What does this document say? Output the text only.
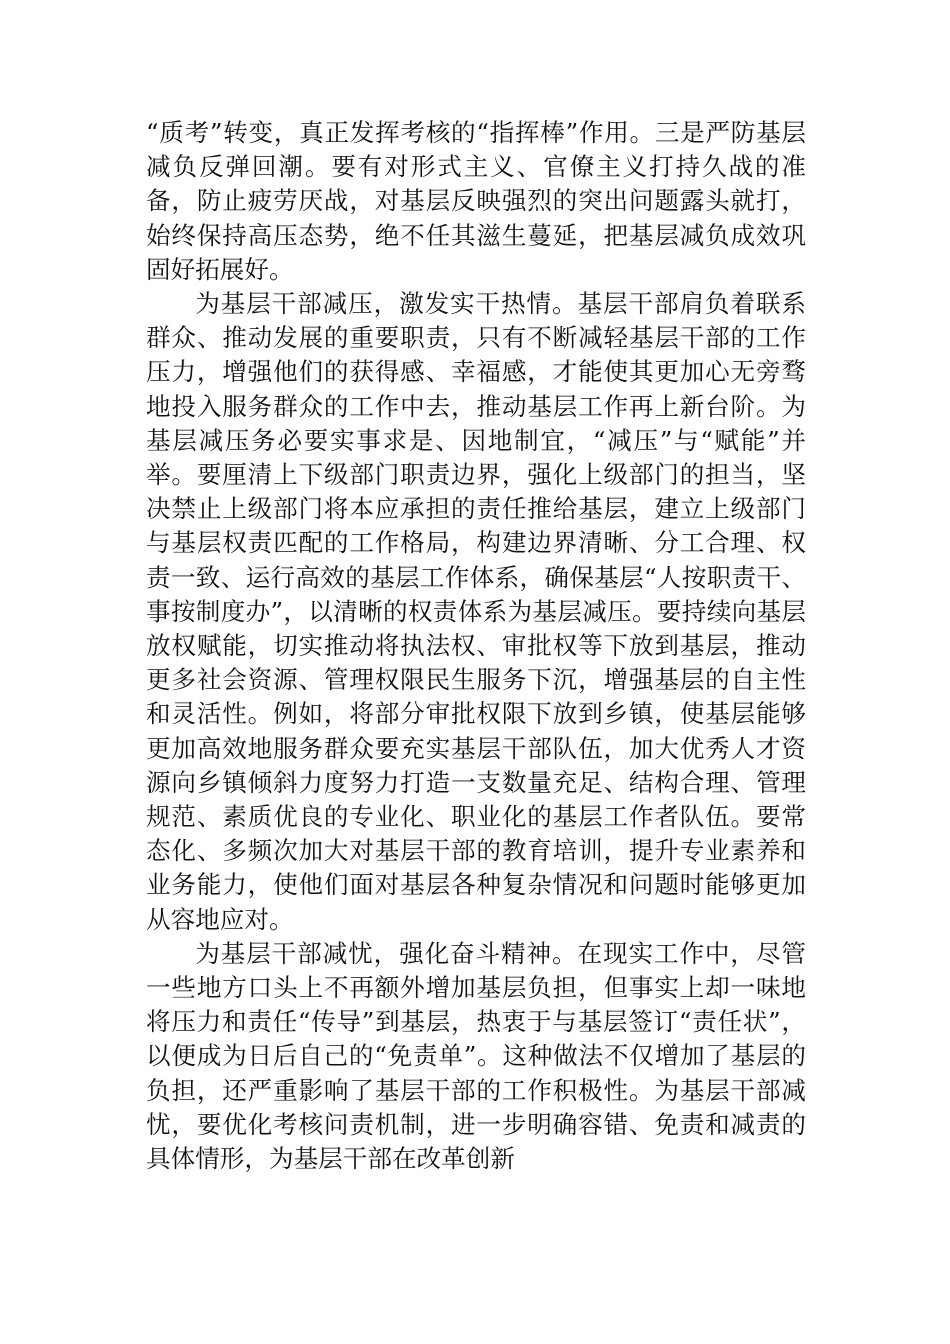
“质考”转变，真正发挥考核的“指挥棒”作用。三是严防基层减负反弹回潮。要有对形式主义、官僚主义打持久战的准备，防止疲劳厌战，对基层反映强烈的突出问题露头就打，始终保持高压态势，绝不任其滋生蔓延，把基层减负成效巩固好拓展好。

为基层干部减压，激发实干热情。基层干部肩负着联系群众、推动发展的重要职责，只有不断减轻基层干部的工作压力，增强他们的获得感、幸福感，才能使其更加心无旁骛地投入服务群众的工作中去，推动基层工作再上新台阶。为基层减压务必要实事求是、因地制宜，“减压”与“赋能”并举。要厘清上下级部门职责边界，强化上级部门的担当，坚决禁止上级部门将本应承担的责任推给基层，建立上级部门与基层权责匹配的工作格局，构建边界清晰、分工合理、权责一致、运行高效的基层工作体系，确保基层“人按职责干、事按制度办”，以清晰的权责体系为基层减压。要持续向基层放权赋能，切实推动将执法权、审批权等下放到基层，推动更多社会资源、管理权限民生服务下沉，增强基层的自主性和灵活性。例如，将部分审批权限下放到乡镇，使基层能够更加高效地服务群众要充实基层干部队伍，加大优秀人才资源向乡镇倾斜力度努力打造一支数量充足、结构合理、管理规范、素质优良的专业化、职业化的基层工作者队伍。要常态化、多频次加大对基层干部的教育培训，提升专业素养和业务能力，使他们面对基层各种复杂情况和问题时能够更加从容地应对。

为基层干部减忧，强化奋斗精神。在现实工作中，尽管一些地方口头上不再额外增加基层负担，但事实上却一味地将压力和责任“传导”到基层，热衷于与基层签订“责任状”，以便成为日后自己的“免责单”。这种做法不仅增加了基层的负担，还严重影响了基层干部的工作积极性。为基层干部减忧，要优化考核问责机制，进一步明确容错、免责和减责的具体情形，为基层干部在改革创新
